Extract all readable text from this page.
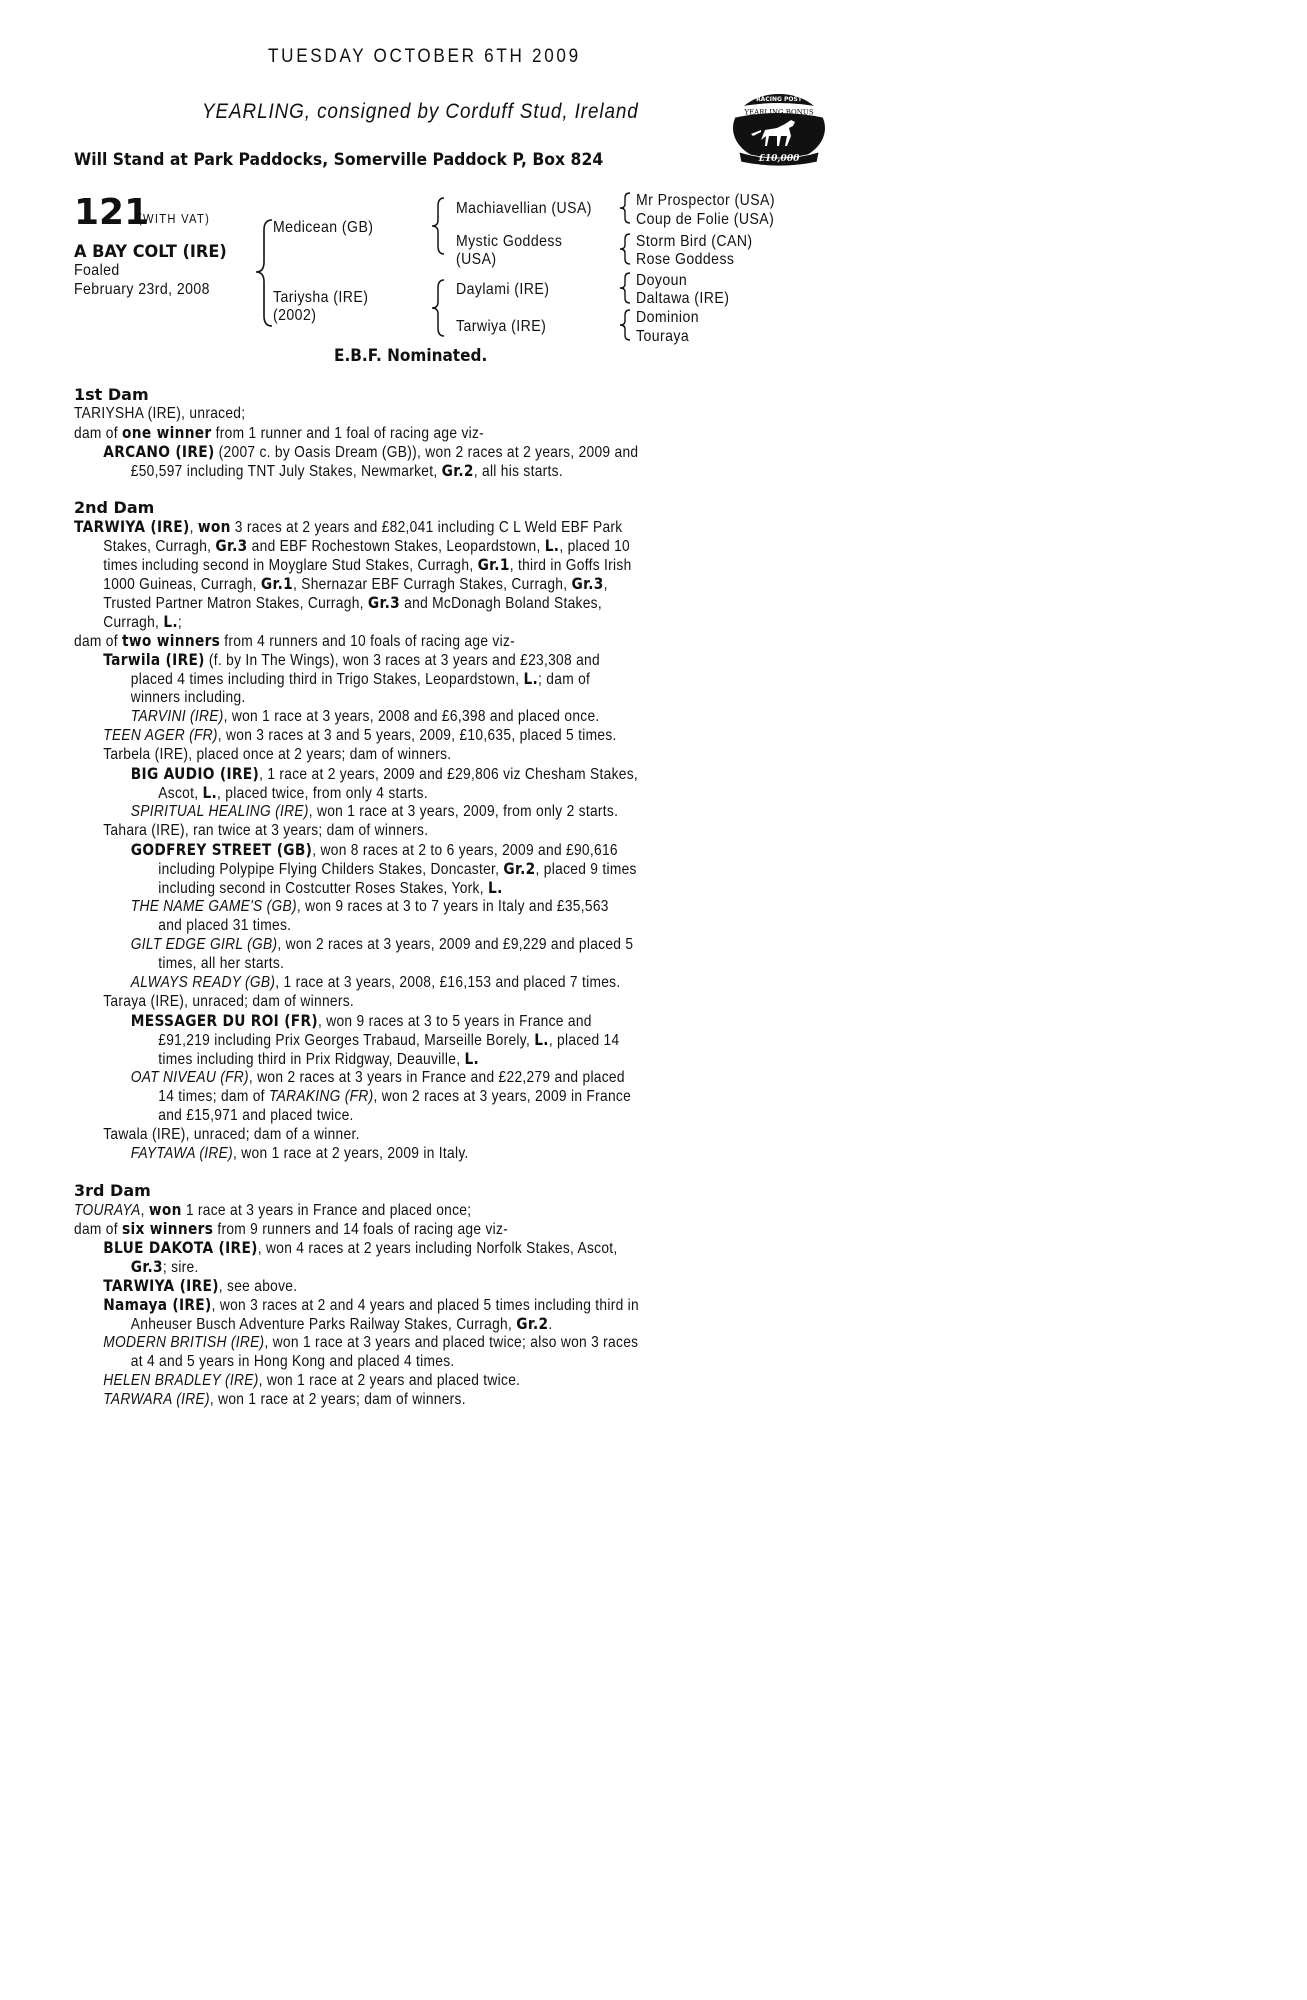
TUESDAY OCTOBER 6TH 2009
YEARLING, consigned by Corduff Stud, Ireland
Will Stand at Park Paddocks, Somerville Paddock P, Box 824
RACING POST
YEARLING BONUS
£10,000
121
(WITH VAT)
A BAY COLT (IRE)
Foaled
February 23rd, 2008
Medicean (GB)
Tariysha (IRE)
(2002)
Machiavellian (USA)
Mystic Goddess
(USA)
Daylami (IRE)
Tarwiya (IRE)
Mr Prospector (USA)
Coup de Folie (USA)
Storm Bird (CAN)
Rose Goddess
Doyoun
Daltawa (IRE)
Dominion
Touraya
E.B.F. Nominated.
1st Dam
TARIYSHA (IRE), unraced;
dam of one winner from 1 runner and 1 foal of racing age viz-
ARCANO (IRE) (2007 c. by Oasis Dream (GB)), won 2 races at 2 years, 2009 and
£50,597 including TNT July Stakes, Newmarket, Gr.2, all his starts.
2nd Dam
TARWIYA (IRE), won 3 races at 2 years and £82,041 including C L Weld EBF Park
Stakes, Curragh, Gr.3 and EBF Rochestown Stakes, Leopardstown, L., placed 10
times including second in Moyglare Stud Stakes, Curragh, Gr.1, third in Goffs Irish
1000 Guineas, Curragh, Gr.1, Shernazar EBF Curragh Stakes, Curragh, Gr.3,
Trusted Partner Matron Stakes, Curragh, Gr.3 and McDonagh Boland Stakes,
Curragh, L.;
dam of two winners from 4 runners and 10 foals of racing age viz-
Tarwila (IRE) (f. by In The Wings), won 3 races at 3 years and £23,308 and
placed 4 times including third in Trigo Stakes, Leopardstown, L.; dam of
winners including.
TARVINI (IRE), won 1 race at 3 years, 2008 and £6,398 and placed once.
TEEN AGER (FR), won 3 races at 3 and 5 years, 2009, £10,635, placed 5 times.
Tarbela (IRE), placed once at 2 years; dam of winners.
BIG AUDIO (IRE), 1 race at 2 years, 2009 and £29,806 viz Chesham Stakes,
Ascot, L., placed twice, from only 4 starts.
SPIRITUAL HEALING (IRE), won 1 race at 3 years, 2009, from only 2 starts.
Tahara (IRE), ran twice at 3 years; dam of winners.
GODFREY STREET (GB), won 8 races at 2 to 6 years, 2009 and £90,616
including Polypipe Flying Childers Stakes, Doncaster, Gr.2, placed 9 times
including second in Costcutter Roses Stakes, York, L.
THE NAME GAME'S (GB), won 9 races at 3 to 7 years in Italy and £35,563
and placed 31 times.
GILT EDGE GIRL (GB), won 2 races at 3 years, 2009 and £9,229 and placed 5
times, all her starts.
ALWAYS READY (GB), 1 race at 3 years, 2008, £16,153 and placed 7 times.
Taraya (IRE), unraced; dam of winners.
MESSAGER DU ROI (FR), won 9 races at 3 to 5 years in France and
£91,219 including Prix Georges Trabaud, Marseille Borely, L., placed 14
times including third in Prix Ridgway, Deauville, L.
OAT NIVEAU (FR), won 2 races at 3 years in France and £22,279 and placed
14 times; dam of TARAKING (FR), won 2 races at 3 years, 2009 in France
and £15,971 and placed twice.
Tawala (IRE), unraced; dam of a winner.
FAYTAWA (IRE), won 1 race at 2 years, 2009 in Italy.
3rd Dam
TOURAYA, won 1 race at 3 years in France and placed once;
dam of six winners from 9 runners and 14 foals of racing age viz-
BLUE DAKOTA (IRE), won 4 races at 2 years including Norfolk Stakes, Ascot,
Gr.3; sire.
TARWIYA (IRE), see above.
Namaya (IRE), won 3 races at 2 and 4 years and placed 5 times including third in
Anheuser Busch Adventure Parks Railway Stakes, Curragh, Gr.2.
MODERN BRITISH (IRE), won 1 race at 3 years and placed twice; also won 3 races
at 4 and 5 years in Hong Kong and placed 4 times.
HELEN BRADLEY (IRE), won 1 race at 2 years and placed twice.
TARWARA (IRE), won 1 race at 2 years; dam of winners.
